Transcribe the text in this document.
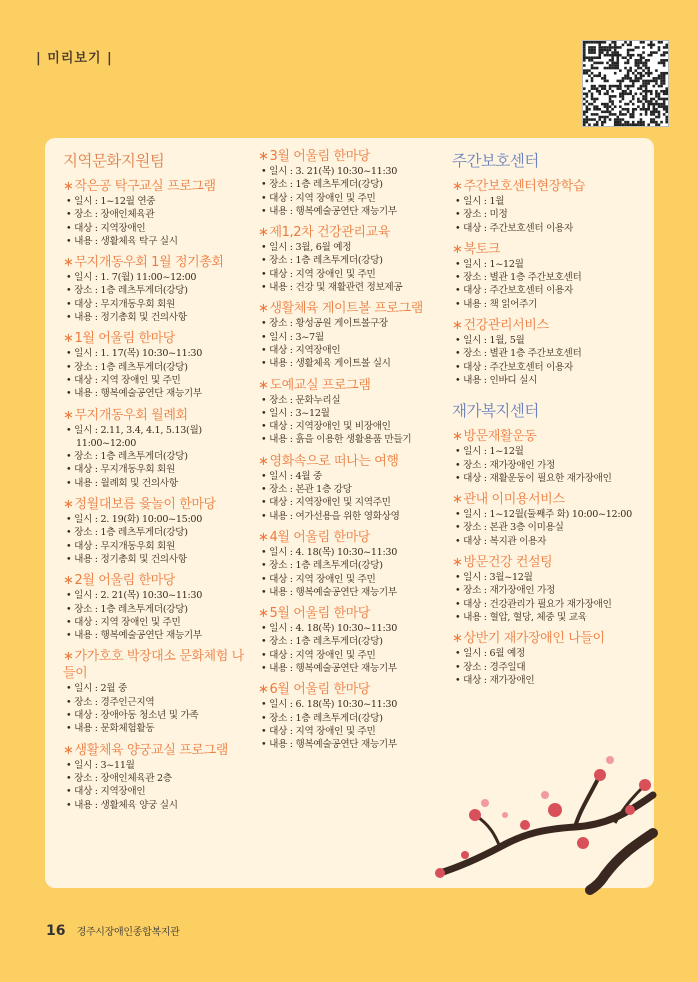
| 미리보기 |
지역문화지원팀
∗작은공 탁구교실 프로그램
• 일시 : 1~12월 연중
• 장소 : 장애인체육관
• 대상 : 지역장애인
• 내용 : 생활체육 탁구 실시
∗무지개동우회 1월 정기총회
• 일시 : 1. 7(월) 11:00~12:00
• 장소 : 1층 레츠투게더(강당)
• 대상 : 무지개동우회 회원
• 내용 : 정기총회 및 건의사항
∗1월 어울림 한마당
• 일시 : 1. 17(목) 10:30~11:30
• 장소 : 1층 레츠투게더(강당)
• 대상 : 지역 장애인 및 주민
• 내용 : 행복예술공연단 재능기부
∗무지개동우회 월례회
• 일시 : 2.11, 3.4, 4.1, 5.13(월) 11:00~12:00
• 장소 : 1층 레츠투게더(강당)
• 대상 : 무지개동우회 회원
• 내용 : 월례회 및 건의사항
∗정월대보름 윷놀이 한마당
• 일시 : 2. 19(화) 10:00~15:00
• 장소 : 1층 레츠투게더(강당)
• 대상 : 무지개동우회 회원
• 내용 : 정기총회 및 건의사항
∗2월 어울림 한마당
• 일시 : 2. 21(목) 10:30~11:30
• 장소 : 1층 레츠투게더(강당)
• 대상 : 지역 장애인 및 주민
• 내용 : 행복예술공연단 재능기부
∗가가호호 박장대소 문화체험 나들이
• 일시 : 2월 중
• 장소 : 경주인근지역
• 대상 : 장애아동 청소년 및 가족
• 내용 : 문화체험활동
∗생활체육 양궁교실 프로그램
• 일시 : 3~11월
• 장소 : 장애인체육관 2층
• 대상 : 지역장애인
• 내용 : 생활체육 양궁 실시
∗3월 어울림 한마당
• 일시 : 3. 21(목) 10:30~11:30
• 장소 : 1층 레츠투게더(강당)
• 대상 : 지역 장애인 및 주민
• 내용 : 행복예술공연단 재능기부
∗제1,2차 건강관리교육
• 일시 : 3월, 6월 예정
• 장소 : 1층 레츠투게더(강당)
• 대상 : 지역 장애인 및 주민
• 내용 : 건강 및 재활관련 정보제공
∗생활체육 게이트볼 프로그램
• 장소 : 황성공원 게이트볼구장
• 일시 : 3~7월
• 대상 : 지역장애인
• 내용 : 생활체육 게이트볼 실시
∗도예교실 프로그램
• 장소 : 문화누리실
• 일시 : 3~12월
• 대상 : 지역장애인 및 비장애인
• 내용 : 흙을 이용한 생활용품 만들기
∗영화속으로 떠나는 여행
• 일시 : 4월 중
• 장소 : 본관 1층 강당
• 대상 : 지역장애인 및 지역주민
• 내용 : 여가선용을 위한 영화상영
∗4월 어울림 한마당
• 일시 : 4. 18(목) 10:30~11:30
• 장소 : 1층 레츠투게더(강당)
• 대상 : 지역 장애인 및 주민
• 내용 : 행복예술공연단 재능기부
∗5월 어울림 한마당
• 일시 : 4. 18(목) 10:30~11:30
• 장소 : 1층 레츠투게더(강당)
• 대상 : 지역 장애인 및 주민
• 내용 : 행복예술공연단 재능기부
∗6월 어울림 한마당
• 일시 : 6. 18(목) 10:30~11:30
• 장소 : 1층 레츠투게더(강당)
• 대상 : 지역 장애인 및 주민
• 내용 : 행복예술공연단 재능기부
주간보호센터
∗주간보호센터현장학습
• 일시 : 1월
• 장소 : 미정
• 대상 : 주간보호센터 이용자
∗북토크
• 일시 : 1~12월
• 장소 : 별관 1층 주간보호센터
• 대상 : 주간보호센터 이용자
• 내용 : 책 읽어주기
∗건강관리서비스
• 일시 : 1월, 5월
• 장소 : 별관 1층 주간보호센터
• 대상 : 주간보호센터 이용자
• 내용 : 인바디 실시
재가복지센터
∗방문재활운동
• 일시 : 1~12월
• 장소 : 재가장애인 가정
• 대상 : 재활운동이 필요한 재가장애인
∗관내 이미용서비스
• 일시 : 1~12월(둘째주 화) 10:00~12:00
• 장소 : 본관 3층 이미용실
• 대상 : 복지관 이용자
∗방문건강 컨설팅
• 일시 : 3월~12월
• 장소 : 재가장애인 가정
• 대상 : 건강관리가 필요가 재가장애인
• 내용 : 혈압, 혈당, 체중 및 교육
∗상반기 재가장애인 나들이
• 일시 : 6월 예정
• 장소 : 경주일대
• 대상 : 재가장애인
16 경주시장애인종합복지관
